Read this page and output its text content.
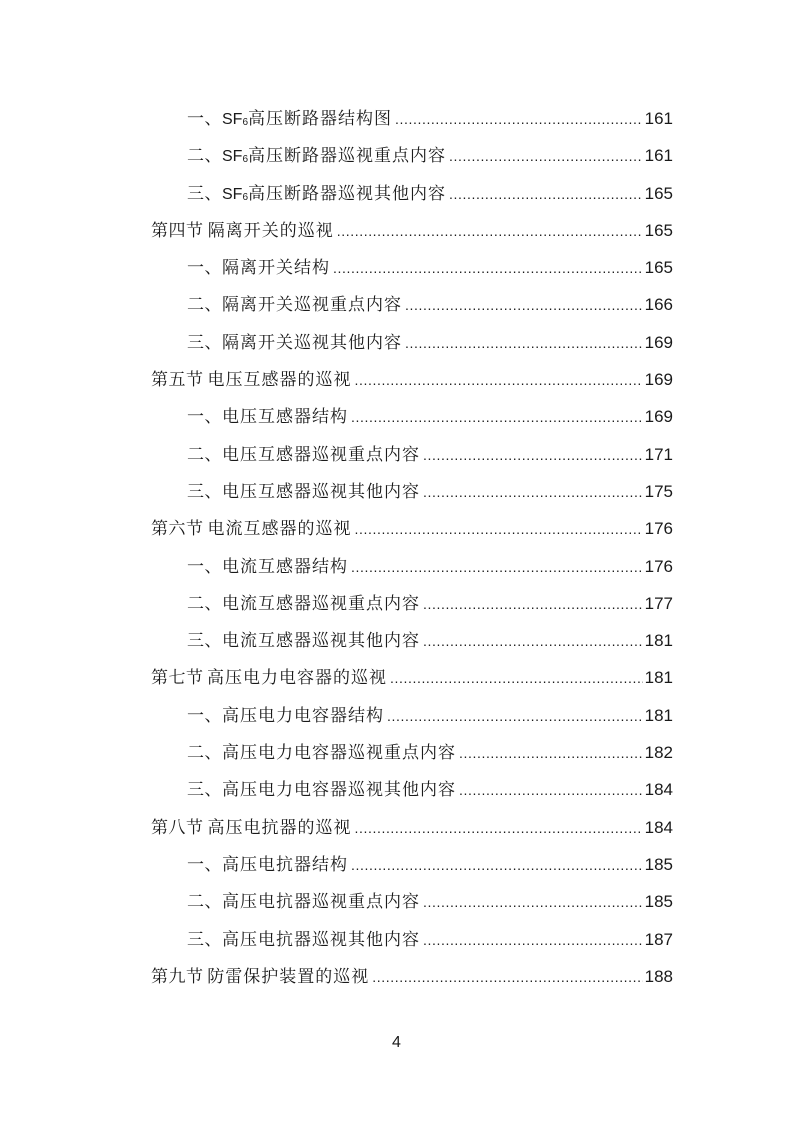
一、 $SF_6$ 高压断路器结构图 .....	161
二、 $SF_6$ 高压断路器巡视重点内容 .....	161
三、 $SF_6$ 高压断路器巡视其他内容 .....	165
第四节 隔离开关的巡视 .....	165
一、 隔离开关结构 .....	165
二、 隔离开关巡视重点内容 .....	166
三、 隔离开关巡视其他内容 .....	169
第五节 电压互感器的巡视 .....	169
一、 电压互感器结构 .....	169
二、 电压互感器巡视重点内容 .....	171
三、 电压互感器巡视其他内容 .....	175
第六节 电流互感器的巡视 .....	176
一、 电流互感器结构 .....	176
二、 电流互感器巡视重点内容 .....	177
三、 电流互感器巡视其他内容 .....	181
第七节 高压电力电容器的巡视 .....	181
一、 高压电力电容器结构 .....	181
二、 高压电力电容器巡视重点内容 .....	182
三、 高压电力电容器巡视其他内容 .....	184
第八节 高压电抗器的巡视 .....	184
一、 高压电抗器结构 .....	185
二、 高压电抗器巡视重点内容 .....	185
三、 高压电抗器巡视其他内容 .....	187
第九节 防雷保护装置的巡视 .....	188
4
